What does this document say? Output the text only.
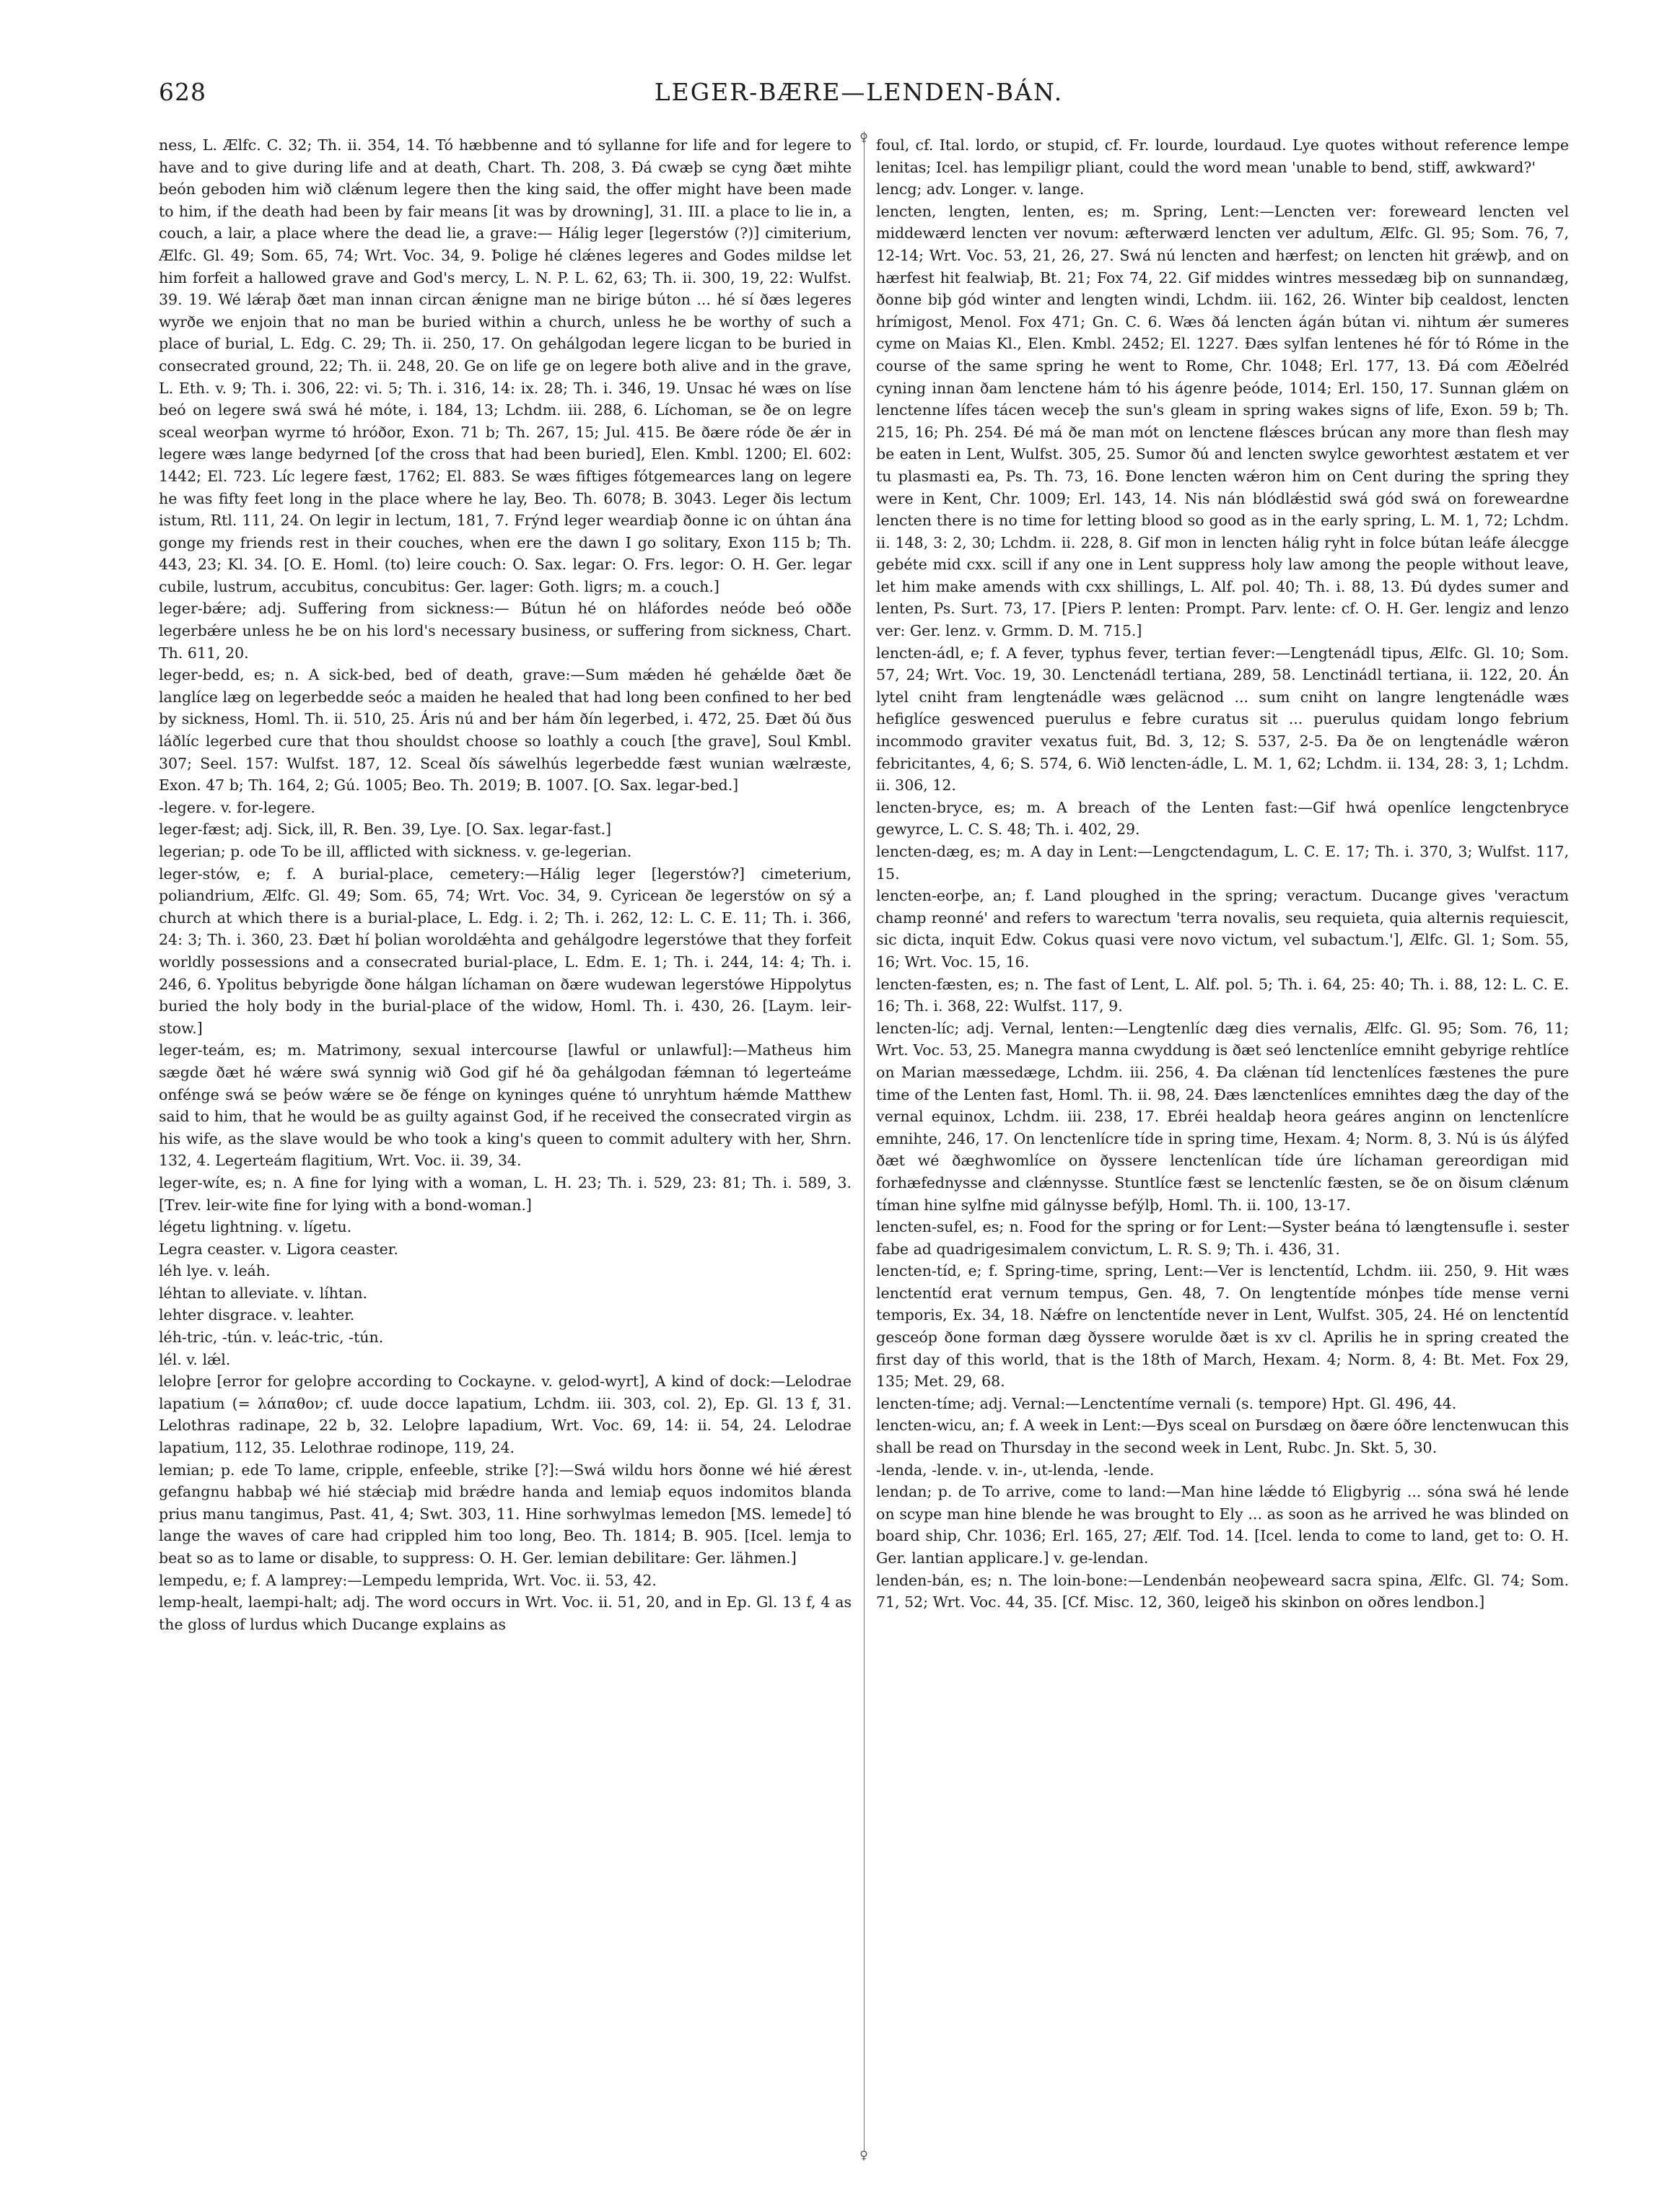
628	LEGER-BÆRE—LENDEN-BÁN.
♀
♀

ness, L. Ælfc. C. 32; Th. ii. 354, 14. Tó hæbbenne and tó syllanne for life and for legere to have and to give during life and at death, Chart. Th. 208, 3. Ðá cwæþ se cyng ðæt mihte beón geboden him wið clǽnum legere then the king said, the offer might have been made to him, if the death had been by fair means [it was by drowning], 31. III. a place to lie in, a couch, a lair, a place where the dead lie, a grave:— Hálig leger [legerstów (?)] cimiterium, Ælfc. Gl. 49; Som. 65, 74; Wrt. Voc. 34, 9. Þolige hé clǽnes legeres and Godes mildse let him forfeit a hallowed grave and God's mercy, L. N. P. L. 62, 63; Th. ii. 300, 19, 22: Wulfst. 39. 19. Wé lǽraþ ðæt man innan circan ǽnigne man ne birige búton ... hé sí ðæs legeres wyrðe we enjoin that no man be buried within a church, unless he be worthy of such a place of burial, L. Edg. C. 29; Th. ii. 250, 17. On gehálgodan legere licgan to be buried in consecrated ground, 22; Th. ii. 248, 20. Ge on life ge on legere both alive and in the grave, L. Eth. v. 9; Th. i. 306, 22: vi. 5; Th. i. 316, 14: ix. 28; Th. i. 346, 19. Unsac hé wæs on líse beó on legere swá swá hé móte, i. 184, 13; Lchdm. iii. 288, 6. Líchoman, se ðe on legre sceal weorþan wyrme tó hróðor, Exon. 71 b; Th. 267, 15; Jul. 415. Be ðære róde ðe ǽr in legere wæs lange bedyrned [of the cross that had been buried], Elen. Kmbl. 1200; El. 602: 1442; El. 723. Líc legere fæst, 1762; El. 883. Se wæs fiftiges fótgemearces lang on legere he was fifty feet long in the place where he lay, Beo. Th. 6078; B. 3043. Leger ðis lectum istum, Rtl. 111, 24. On legir in lectum, 181, 7. Frýnd leger weardiaþ ðonne ic on úhtan ána gonge my friends rest in their couches, when ere the dawn I go solitary, Exon 115 b; Th. 443, 23; Kl. 34. [O. E. Homl. (to) leire couch: O. Sax. legar: O. Frs. legor: O. H. Ger. legar cubile, lustrum, accubitus, concubitus: Ger. lager: Goth. ligrs; m. a couch.]

leger-bǽre; adj. Suffering from sickness:— Bútun hé on hláfordes neóde beó oððe legerbǽre unless he be on his lord's necessary business, or suffering from sickness, Chart. Th. 611, 20.

leger-bedd, es; n. A sick-bed, bed of death, grave:—Sum mǽden hé gehǽlde ðæt ðe langlíce læg on legerbedde seóc a maiden he healed that had long been confined to her bed by sickness, Homl. Th. ii. 510, 25. Áris nú and ber hám ðín legerbed, i. 472, 25. Ðæt ðú ðus láðlíc legerbed cure that thou shouldst choose so loathly a couch [the grave], Soul Kmbl. 307; Seel. 157: Wulfst. 187, 12. Sceal ðís sáwelhús legerbedde fæst wunian wælræste, Exon. 47 b; Th. 164, 2; Gú. 1005; Beo. Th. 2019; B. 1007. [O. Sax. legar-bed.]

-legere. v. for-legere.

leger-fæst; adj. Sick, ill, R. Ben. 39, Lye. [O. Sax. legar-fast.]

legerian; p. ode To be ill, afflicted with sickness. v. ge-legerian.

leger-stów, e; f. A burial-place, cemetery:—Hálig leger [legerstów?] cimeterium, poliandrium, Ælfc. Gl. 49; Som. 65, 74; Wrt. Voc. 34, 9. Cyricean ðe legerstów on sý a church at which there is a burial-place, L. Edg. i. 2; Th. i. 262, 12: L. C. E. 11; Th. i. 366, 24: 3; Th. i. 360, 23. Ðæt hí þolian woroldǽhta and gehálgodre legerstówe that they forfeit worldly possessions and a consecrated burial-place, L. Edm. E. 1; Th. i. 244, 14: 4; Th. i. 246, 6. Ypolitus bebyrigde ðone hálgan líchaman on ðære wudewan legerstówe Hippolytus buried the holy body in the burial-place of the widow, Homl. Th. i. 430, 26. [Laym. leir-stow.]

leger-teám, es; m. Matrimony, sexual intercourse [lawful or unlawful]:—Matheus him sægde ðæt hé wǽre swá synnig wið God gif hé ða gehálgodan fǽmnan tó legerteáme onfénge swá se þeów wǽre se ðe fénge on kyninges quéne tó unryhtum hǽmde Matthew said to him, that he would be as guilty against God, if he received the consecrated virgin as his wife, as the slave would be who took a king's queen to commit adultery with her, Shrn. 132, 4. Legerteám flagitium, Wrt. Voc. ii. 39, 34.

leger-wíte, es; n. A fine for lying with a woman, L. H. 23; Th. i. 529, 23: 81; Th. i. 589, 3. [Trev. leir-wite fine for lying with a bond-woman.]

légetu lightning. v. lígetu.

Legra ceaster. v. Ligora ceaster.

léh lye. v. leáh.

léhtan to alleviate. v. líhtan.

lehter disgrace. v. leahter.

léh-tric, -tún. v. leác-tric, -tún.

lél. v. lǽl.

leloþre [error for geloþre according to Cockayne. v. gelod-wyrt], A kind of dock:—Lelodrae lapatium (= λάπαθον; cf. uude docce lapatium, Lchdm. iii. 303, col. 2), Ep. Gl. 13 f, 31. Lelothras radinape, 22 b, 32. Leloþre lapadium, Wrt. Voc. 69, 14: ii. 54, 24. Lelodrae lapatium, 112, 35. Lelothrae rodinope, 119, 24.

lemian; p. ede To lame, cripple, enfeeble, strike [?]:—Swá wildu hors ðonne wé hié ǽrest gefangnu habbaþ wé hié stǽciaþ mid brǽdre handa and lemiaþ equos indomitos blanda prius manu tangimus, Past. 41, 4; Swt. 303, 11. Hine sorhwylmas lemedon [MS. lemede] tó lange the waves of care had crippled him too long, Beo. Th. 1814; B. 905. [Icel. lemja to beat so as to lame or disable, to suppress: O. H. Ger. lemian debilitare: Ger. lähmen.]

lempedu, e; f. A lamprey:—Lempedu lemprida, Wrt. Voc. ii. 53, 42.

lemp-healt, laempi-halt; adj. The word occurs in Wrt. Voc. ii. 51, 20, and in Ep. Gl. 13 f, 4 as the gloss of lurdus which Ducange explains as

foul, cf. Ital. lordo, or stupid, cf. Fr. lourde, lourdaud. Lye quotes without reference lempe lenitas; Icel. has lempiligr pliant, could the word mean 'unable to bend, stiff, awkward?'

lencg; adv. Longer. v. lange.

lencten, lengten, lenten, es; m. Spring, Lent:—Lencten ver: foreweard lencten vel middewærd lencten ver novum: æfterwærd lencten ver adultum, Ælfc. Gl. 95; Som. 76, 7, 12-14; Wrt. Voc. 53, 21, 26, 27. Swá nú lencten and hærfest; on lencten hit grǽwþ, and on hærfest hit fealwiaþ, Bt. 21; Fox 74, 22. Gif middes wintres messedæg biþ on sunnandæg, ðonne biþ gód winter and lengten windi, Lchdm. iii. 162, 26. Winter biþ cealdost, lencten hrímigost, Menol. Fox 471; Gn. C. 6. Wæs ðá lencten ágán bútan vi. nihtum ǽr sumeres cyme on Maias Kl., Elen. Kmbl. 2452; El. 1227. Ðæs sylfan lentenes hé fór tó Róme in the course of the same spring he went to Rome, Chr. 1048; Erl. 177, 13. Ðá com Æðelréd cyning innan ðam lenctene hám tó his ágenre þeóde, 1014; Erl. 150, 17. Sunnan glǽm on lenctenne lífes tácen weceþ the sun's gleam in spring wakes signs of life, Exon. 59 b; Th. 215, 16; Ph. 254. Ðé má ðe man mót on lenctene flǽsces brúcan any more than flesh may be eaten in Lent, Wulfst. 305, 25. Sumor ðú and lencten swylce geworhtest æstatem et ver tu plasmasti ea, Ps. Th. 73, 16. Ðone lencten wǽron him on Cent during the spring they were in Kent, Chr. 1009; Erl. 143, 14. Nis nán blódlǽstid swá gód swá on foreweardne lencten there is no time for letting blood so good as in the early spring, L. M. 1, 72; Lchdm. ii. 148, 3: 2, 30; Lchdm. ii. 228, 8. Gif mon in lencten hálig ryht in folce bútan leáfe álecgge gebéte mid cxx. scill if any one in Lent suppress holy law among the people without leave, let him make amends with cxx shillings, L. Alf. pol. 40; Th. i. 88, 13. Ðú dydes sumer and lenten, Ps. Surt. 73, 17. [Piers P. lenten: Prompt. Parv. lente: cf. O. H. Ger. lengiz and lenzo ver: Ger. lenz. v. Grmm. D. M. 715.]

lencten-ádl, e; f. A fever, typhus fever, tertian fever:—Lengtenádl tipus, Ælfc. Gl. 10; Som. 57, 24; Wrt. Voc. 19, 30. Lenctenádl tertiana, 289, 58. Lenctinádl tertiana, ii. 122, 20. Án lytel cniht fram lengtenádle wæs geläcnod ... sum cniht on langre lengtenádle wæs hefiglíce geswenced puerulus e febre curatus sit ... puerulus quidam longo febrium incommodo graviter vexatus fuit, Bd. 3, 12; S. 537, 2-5. Ða ðe on lengtenádle wǽron febricitantes, 4, 6; S. 574, 6. Wið lencten-ádle, L. M. 1, 62; Lchdm. ii. 134, 28: 3, 1; Lchdm. ii. 306, 12.

lencten-bryce, es; m. A breach of the Lenten fast:—Gif hwá openlíce lengctenbryce gewyrce, L. C. S. 48; Th. i. 402, 29.

lencten-dæg, es; m. A day in Lent:—Lengctendagum, L. C. E. 17; Th. i. 370, 3; Wulfst. 117, 15.

lencten-eorþe, an; f. Land ploughed in the spring; veractum. Ducange gives 'veractum champ reonné' and refers to warectum 'terra novalis, seu requieta, quia alternis requiescit, sic dicta, inquit Edw. Cokus quasi vere novo victum, vel subactum.'], Ælfc. Gl. 1; Som. 55, 16; Wrt. Voc. 15, 16.

lencten-fæsten, es; n. The fast of Lent, L. Alf. pol. 5; Th. i. 64, 25: 40; Th. i. 88, 12: L. C. E. 16; Th. i. 368, 22: Wulfst. 117, 9.

lencten-líc; adj. Vernal, lenten:—Lengtenlíc dæg dies vernalis, Ælfc. Gl. 95; Som. 76, 11; Wrt. Voc. 53, 25. Manegra manna cwyddung is ðæt seó lenctenlíce emniht gebyrige rehtlíce on Marian mæssedæge, Lchdm. iii. 256, 4. Ða clǽnan tíd lenctenlíces fæstenes the pure time of the Lenten fast, Homl. Th. ii. 98, 24. Ðæs lænctenlíces emnihtes dæg the day of the vernal equinox, Lchdm. iii. 238, 17. Ebréi healdaþ heora geáres anginn on lenctenlícre emnihte, 246, 17. On lenctenlícre tíde in spring time, Hexam. 4; Norm. 8, 3. Nú is ús álýfed ðæt wé ðæghwomlíce on ðyssere lenctenlícan tíde úre líchaman gereordigan mid forhæfednysse and clǽnnysse. Stuntlíce fæst se lenctenlíc fæsten, se ðe on ðisum clǽnum tíman hine sylfne mid gálnysse befýlþ, Homl. Th. ii. 100, 13-17.

lencten-sufel, es; n. Food for the spring or for Lent:—Syster beána tó længtensufle i. sester fabe ad quadrigesimalem convictum, L. R. S. 9; Th. i. 436, 31.

lencten-tíd, e; f. Spring-time, spring, Lent:—Ver is lenctentíd, Lchdm. iii. 250, 9. Hit wæs lenctentíd erat vernum tempus, Gen. 48, 7. On lengtentíde mónþes tíde mense verni temporis, Ex. 34, 18. Nǽfre on lenctentíde never in Lent, Wulfst. 305, 24. Hé on lenctentíd gesceóp ðone forman dæg ðyssere worulde ðæt is xv cl. Aprilis he in spring created the first day of this world, that is the 18th of March, Hexam. 4; Norm. 8, 4: Bt. Met. Fox 29, 135; Met. 29, 68.

lencten-tíme; adj. Vernal:—Lenctentíme vernali (s. tempore) Hpt. Gl. 496, 44.

lencten-wicu, an; f. A week in Lent:—Ðys sceal on Þursdæg on ðære óðre lenctenwucan this shall be read on Thursday in the second week in Lent, Rubc. Jn. Skt. 5, 30.

-lenda, -lende. v. in-, ut-lenda, -lende.

lendan; p. de To arrive, come to land:—Man hine lǽdde tó Eligbyrig ... sóna swá hé lende on scype man hine blende he was brought to Ely ... as soon as he arrived he was blinded on board ship, Chr. 1036; Erl. 165, 27; Ælf. Tod. 14. [Icel. lenda to come to land, get to: O. H. Ger. lantian applicare.] v. ge-lendan.

lenden-bán, es; n. The loin-bone:—Lendenbán neoþeweard sacra spina, Ælfc. Gl. 74; Som. 71, 52; Wrt. Voc. 44, 35. [Cf. Misc. 12, 360, leigeð his skinbon on oðres lendbon.]
